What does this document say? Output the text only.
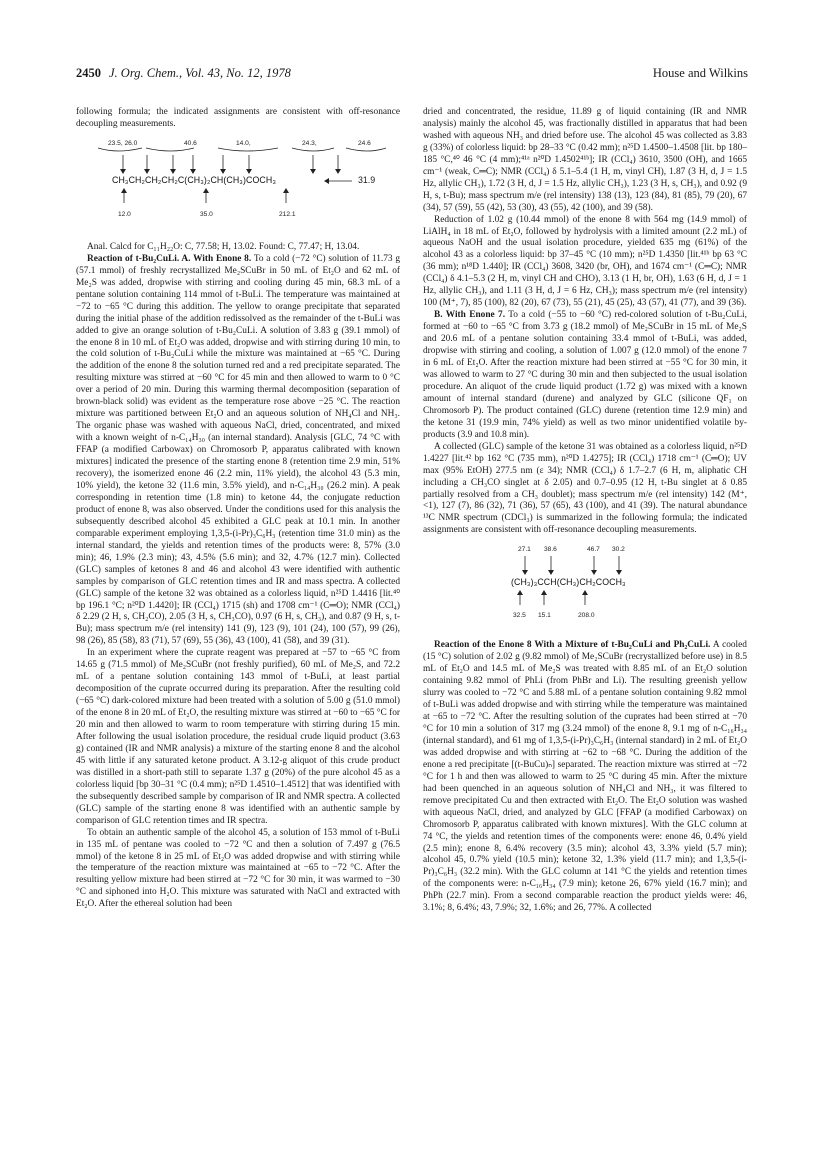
2450 J. Org. Chem., Vol. 43, No. 12, 1978	House and Wilkins

following formula; the indicated assignments are consistent with off-resonance decoupling measurements.

23.5, 26.0	40.6	14.0,	24.3,	24.6
CH₃CH₂CH₂CH₂C(CH₃)₂CH(CH₃)COCH₃	31.9
12.0	35.0	212.1

Anal. Calcd for C₁₁H₂₂O: C, 77.58; H, 13.02. Found: C, 77.47; H, 13.04.

Reaction of t-Bu₂CuLi. A. With Enone 8. To a cold (−72 °C) solution of 11.73 g (57.1 mmol) of freshly recrystallized Me₂SCuBr in 50 mL of Et₂O and 62 mL of Me₂S was added, dropwise with stirring and cooling during 45 min, 68.3 mL of a pentane solution containing 114 mmol of t-BuLi. The temperature was maintained at −72 to −65 °C during this addition. The yellow to orange precipitate that separated during the initial phase of the addition redissolved as the remainder of the t-BuLi was added to give an orange solution of t-Bu₂CuLi. A solution of 3.83 g (39.1 mmol) of the enone 8 in 10 mL of Et₂O was added, dropwise and with stirring during 10 min, to the cold solution of t-Bu₂CuLi while the mixture was maintained at −65 °C. During the addition of the enone 8 the solution turned red and a red precipitate separated. The resulting mixture was stirred at −60 °C for 45 min and then allowed to warm to 0 °C over a period of 20 min. During this warming thermal decomposition (separation of brown-black solid) was evident as the temperature rose above −25 °C. The reaction mixture was partitioned between Et₂O and an aqueous solution of NH₄Cl and NH₃. The organic phase was washed with aqueous NaCl, dried, concentrated, and mixed with a known weight of n-C₁₄H₃₀ (an internal standard). Analysis [GLC, 74 °C with FFAP (a modified Carbowax) on Chromosorb P, apparatus calibrated with known mixtures] indicated the presence of the starting enone 8 (retention time 2.9 min, 51% recovery), the isomerized enone 46 (2.2 min, 11% yield), the alcohol 43 (5.3 min, 10% yield), the ketone 32 (11.6 min, 3.5% yield), and n-C₁₄H₃₀ (26.2 min). A peak corresponding in retention time (1.8 min) to ketone 44, the conjugate reduction product of enone 8, was also observed. Under the conditions used for this analysis the subsequently described alcohol 45 exhibited a GLC peak at 10.1 min. In another comparable experiment employing 1,3,5-(i-Pr)₃C₆H₃ (retention time 31.0 min) as the internal standard, the yields and retention times of the products were: 8, 57% (3.0 min); 46, 1.9% (2.3 min); 43, 4.5% (5.6 min); and 32, 4.7% (12.7 min). Collected (GLC) samples of ketones 8 and 46 and alcohol 43 were identified with authentic samples by comparison of GLC retention times and IR and mass spectra. A collected (GLC) sample of the ketone 32 was obtained as a colorless liquid, n²⁵D 1.4416 [lit.⁴⁰ bp 196.1 °C; n²⁰D 1.4420]; IR (CCl₄) 1715 (sh) and 1708 cm⁻¹ (C═O); NMR (CCl₄) δ 2.29 (2 H, s, CH₂CO), 2.05 (3 H, s, CH₃CO), 0.97 (6 H, s, CH₃), and 0.87 (9 H, s, t-Bu); mass spectrum m/e (rel intensity) 141 (9), 123 (9), 101 (24), 100 (57), 99 (26), 98 (26), 85 (58), 83 (71), 57 (69), 55 (36), 43 (100), 41 (58), and 39 (31).

In an experiment where the cuprate reagent was prepared at −57 to −65 °C from 14.65 g (71.5 mmol) of Me₂SCuBr (not freshly purified), 60 mL of Me₂S, and 72.2 mL of a pentane solution containing 143 mmol of t-BuLi, at least partial decomposition of the cuprate occurred during its preparation. After the resulting cold (−65 °C) dark-colored mixture had been treated with a solution of 5.00 g (51.0 mmol) of the enone 8 in 20 mL of Et₂O, the resulting mixture was stirred at −60 to −65 °C for 20 min and then allowed to warm to room temperature with stirring during 15 min. After following the usual isolation procedure, the residual crude liquid product (3.63 g) contained (IR and NMR analysis) a mixture of the starting enone 8 and the alcohol 45 with little if any saturated ketone product. A 3.12-g aliquot of this crude product was distilled in a short-path still to separate 1.37 g (20%) of the pure alcohol 45 as a colorless liquid [bp 30–31 °C (0.4 mm); n²⁵D 1.4510–1.4512] that was identified with the subsequently described sample by comparison of IR and NMR spectra. A collected (GLC) sample of the starting enone 8 was identified with an authentic sample by comparison of GLC retention times and IR spectra.

To obtain an authentic sample of the alcohol 45, a solution of 153 mmol of t-BuLi in 135 mL of pentane was cooled to −72 °C and then a solution of 7.497 g (76.5 mmol) of the ketone 8 in 25 mL of Et₂O was added dropwise and with stirring while the temperature of the reaction mixture was maintained at −65 to −72 °C. After the resulting yellow mixture had been stirred at −72 °C for 30 min, it was warmed to −30 °C and siphoned into H₂O. This mixture was saturated with NaCl and extracted with Et₂O. After the ethereal solution had been

dried and concentrated, the residue, 11.89 g of liquid containing (IR and NMR analysis) mainly the alcohol 45, was fractionally distilled in apparatus that had been washed with aqueous NH₃ and dried before use. The alcohol 45 was collected as 3.83 g (33%) of colorless liquid: bp 28–33 °C (0.42 mm); n²⁵D 1.4500–1.4508 [lit. bp 180–185 °C,⁴⁰ 46 °C (4 mm);⁴¹ᵃ n²⁰D 1.4502⁴¹ᵇ]; IR (CCl₄) 3610, 3500 (OH), and 1665 cm⁻¹ (weak, C═C); NMR (CCl₄) δ 5.1–5.4 (1 H, m, vinyl CH), 1.87 (3 H, d, J = 1.5 Hz, allylic CH₃), 1.72 (3 H, d, J = 1.5 Hz, allylic CH₃), 1.23 (3 H, s, CH₃), and 0.92 (9 H, s, t-Bu); mass spectrum m/e (rel intensity) 138 (13), 123 (84), 81 (85), 79 (20), 67 (34), 57 (59), 55 (42), 53 (30), 43 (55), 42 (100), and 39 (58).

Reduction of 1.02 g (10.44 mmol) of the enone 8 with 564 mg (14.9 mmol) of LiAlH₄ in 18 mL of Et₂O, followed by hydrolysis with a limited amount (2.2 mL) of aqueous NaOH and the usual isolation procedure, yielded 635 mg (61%) of the alcohol 43 as a colorless liquid: bp 37–45 °C (10 mm); n²⁵D 1.4350 [lit.⁴¹ᵇ bp 63 °C (36 mm); n¹⁸D 1.440]; IR (CCl₄) 3608, 3420 (br, OH), and 1674 cm⁻¹ (C═C); NMR (CCl₄) δ 4.1–5.3 (2 H, m, vinyl CH and CHO), 3.13 (1 H, br, OH), 1.63 (6 H, d, J = 1 Hz, allylic CH₃), and 1.11 (3 H, d, J = 6 Hz, CH₃); mass spectrum m/e (rel intensity) 100 (M⁺, 7), 85 (100), 82 (20), 67 (73), 55 (21), 45 (25), 43 (57), 41 (77), and 39 (36).

B. With Enone 7. To a cold (−55 to −60 °C) red-colored solution of t-Bu₂CuLi, formed at −60 to −65 °C from 3.73 g (18.2 mmol) of Me₂SCuBr in 15 mL of Me₂S and 20.6 mL of a pentane solution containing 33.4 mmol of t-BuLi, was added, dropwise with stirring and cooling, a solution of 1.007 g (12.0 mmol) of the enone 7 in 6 mL of Et₂O. After the reaction mixture had been stirred at −55 °C for 30 min, it was allowed to warm to 27 °C during 30 min and then subjected to the usual isolation procedure. An aliquot of the crude liquid product (1.72 g) was mixed with a known amount of internal standard (durene) and analyzed by GLC (silicone QF₁ on Chromosorb P). The product contained (GLC) durene (retention time 12.9 min) and the ketone 31 (19.9 min, 74% yield) as well as two minor unidentified volatile by-products (3.9 and 10.8 min).

A collected (GLC) sample of the ketone 31 was obtained as a colorless liquid, n²⁵D 1.4227 [lit.⁴² bp 162 °C (735 mm), n²⁰D 1.4275]; IR (CCl₄) 1718 cm⁻¹ (C═O); UV max (95% EtOH) 277.5 nm (ε 34); NMR (CCl₄) δ 1.7–2.7 (6 H, m, aliphatic CH including a CH₃CO singlet at δ 2.05) and 0.7–0.95 (12 H, t-Bu singlet at δ 0.85 partially resolved from a CH₃ doublet); mass spectrum m/e (rel intensity) 142 (M⁺, <1), 127 (7), 86 (32), 71 (36), 57 (65), 43 (100), and 41 (39). The natural abundance ¹³C NMR spectrum (CDCl₃) is summarized in the following formula; the indicated assignments are consistent with off-resonance decoupling measurements.

27.1 38.6	46.7 30.2
(CH₃)₃CCH(CH₃)CH₂COCH₃
32.5 15.1	208.0

Reaction of the Enone 8 With a Mixture of t-Bu₂CuLi and Ph₂CuLi. A cooled (15 °C) solution of 2.02 g (9.82 mmol) of Me₂SCuBr (recrystallized before use) in 8.5 mL of Et₂O and 14.5 mL of Me₂S was treated with 8.85 mL of an Et₂O solution containing 9.82 mmol of PhLi (from PhBr and Li). The resulting greenish yellow slurry was cooled to −72 °C and 5.88 mL of a pentane solution containing 9.82 mmol of t-BuLi was added dropwise and with stirring while the temperature was maintained at −65 to −72 °C. After the resulting solution of the cuprates had been stirred at −70 °C for 10 min a solution of 317 mg (3.24 mmol) of the enone 8, 9.1 mg of n-C₁₆H₃₄ (internal standard), and 61 mg of 1,3,5-(i-Pr)₃C₆H₃ (internal standard) in 2 mL of Et₂O was added dropwise and with stirring at −62 to −68 °C. During the addition of the enone a red precipitate [(t-BuCu)ₙ] separated. The reaction mixture was stirred at −72 °C for 1 h and then was allowed to warm to 25 °C during 45 min. After the mixture had been quenched in an aqueous solution of NH₄Cl and NH₃, it was filtered to remove precipitated Cu and then extracted with Et₂O. The Et₂O solution was washed with aqueous NaCl, dried, and analyzed by GLC [FFAP (a modified Carbowax) on Chromosorb P, apparatus calibrated with known mixtures]. With the GLC column at 74 °C, the yields and retention times of the components were: enone 46, 0.4% yield (2.5 min); enone 8, 6.4% recovery (3.5 min); alcohol 43, 3.3% yield (5.7 min); alcohol 45, 0.7% yield (10.5 min); ketone 32, 1.3% yield (11.7 min); and 1,3,5-(i-Pr)₃C₆H₃ (32.2 min). With the GLC column at 141 °C the yields and retention times of the components were: n-C₁₆H₃₄ (7.9 min); ketone 26, 67% yield (16.7 min); and PhPh (22.7 min). From a second comparable reaction the product yields were: 46, 3.1%; 8, 6.4%; 43, 7.9%; 32, 1.6%; and 26, 77%. A collected
